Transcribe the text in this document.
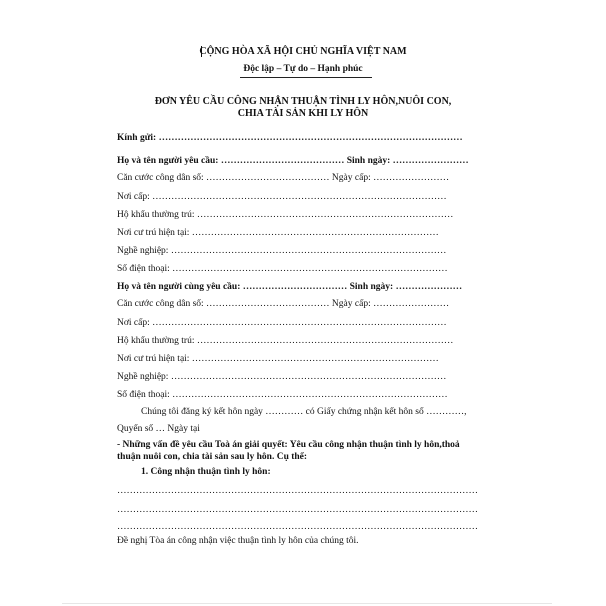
CỘNG HÒA XÃ HỘI CHỦ NGHĨA VIỆT NAM
Độc lập – Tự do – Hạnh phúc
ĐƠN YÊU CẦU CÔNG NHẬN THUẬN TÌNH LY HÔN,NUÔI CON,
CHIA TÀI SẢN KHI LY HÔN
Kính gửi: ……………………………………………………………………………………
Họ và tên người yêu cầu: ………………………………… Sinh ngày: ……………………
Căn cước công dân số: ………………………………… Ngày cấp: ……………………
Nơi cấp: …………………………………………………………………………………
Hộ khẩu thường trú: ………………………………………………………………………
Nơi cư trú hiện tại: ……………………………………………………………………
Nghề nghiệp: ……………………………………………………………………………
Số điện thoại: ……………………………………………………………………………
Họ và tên người cùng yêu cầu: …………………………… Sinh ngày: …………………
Căn cước công dân số: ………………………………… Ngày cấp: ……………………
Nơi cấp: …………………………………………………………………………………
Hộ khẩu thường trú: ………………………………………………………………………
Nơi cư trú hiện tại: ……………………………………………………………………
Nghề nghiệp: ……………………………………………………………………………
Số điện thoại: ……………………………………………………………………………
Chúng tôi đăng ký kết hôn ngày ………… có Giấy chứng nhận kết hôn số …………,
Quyển số … Ngày tại
- Những vấn đề yêu cầu Toà án giải quyết: Yêu cầu công nhận thuận tình ly hôn,thoả
thuận nuôi con, chia tài sản sau ly hôn. Cụ thể:
1. Công nhận thuận tình ly hôn:
……………………………………………………………………………………………………
……………………………………………………………………………………………………
……………………………………………………………………………………………………
Đề nghị Tòa án công nhận việc thuận tình ly hôn của chúng tôi.
